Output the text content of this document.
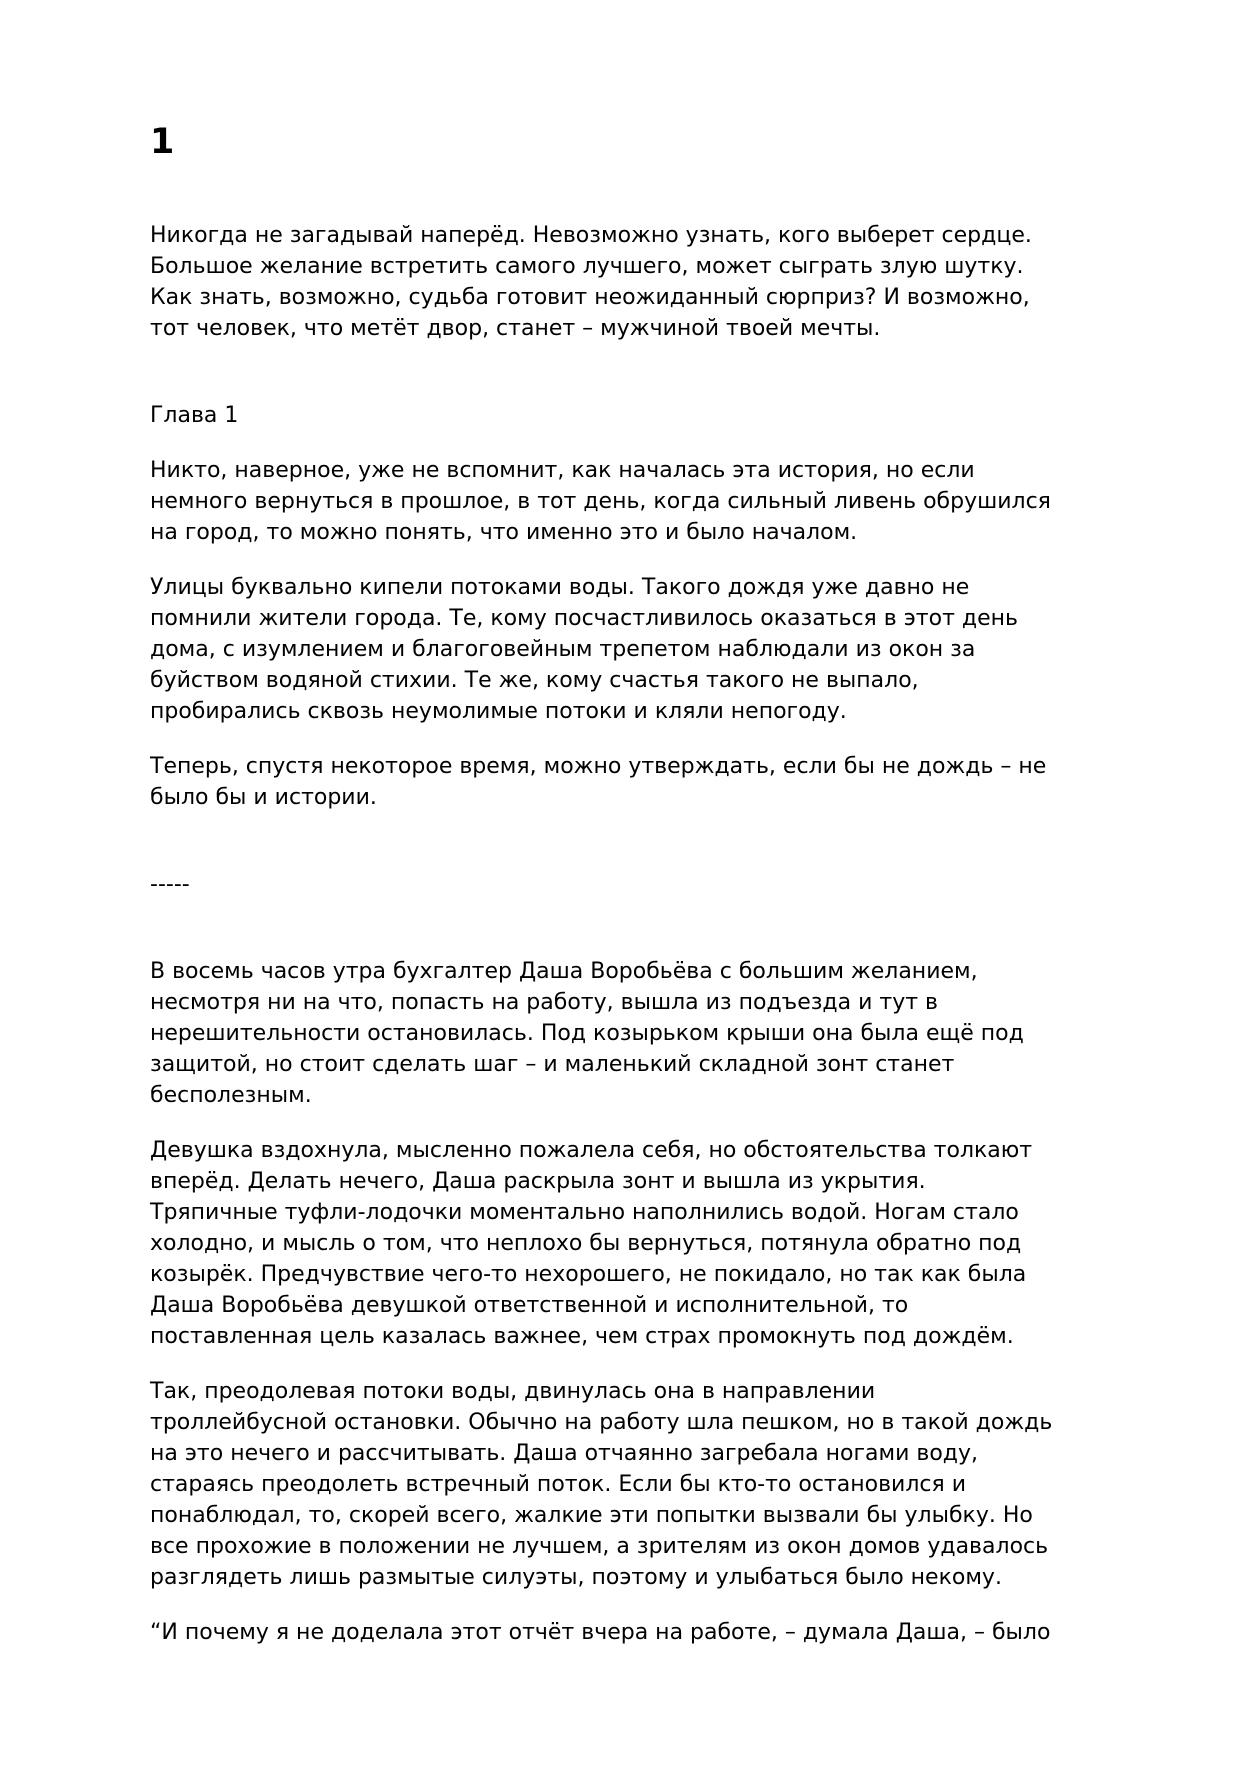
1

Никогда не загадывай наперёд. Невозможно узнать, кого выберет сердце.
Большое желание встретить самого лучшего, может сыграть злую шутку.
Как знать, возможно, судьба готовит неожиданный сюрприз? И возможно,
тот человек, что метёт двор, станет – мужчиной твоей мечты.

Глава 1

Никто, наверное, уже не вспомнит, как началась эта история, но если
немного вернуться в прошлое, в тот день, когда сильный ливень обрушился
на город, то можно понять, что именно это и было началом.

Улицы буквально кипели потоками воды. Такого дождя уже давно не
помнили жители города. Те, кому посчастливилось оказаться в этот день
дома, с изумлением и благоговейным трепетом наблюдали из окон за
буйством водяной стихии. Те же, кому счастья такого не выпало,
пробирались сквозь неумолимые потоки и кляли непогоду.

Теперь, спустя некоторое время, можно утверждать, если бы не дождь – не
было бы и истории.

-----

В восемь часов утра бухгалтер Даша Воробьёва с большим желанием,
несмотря ни на что, попасть на работу, вышла из подъезда и тут в
нерешительности остановилась. Под козырьком крыши она была ещё под
защитой, но стоит сделать шаг – и маленький складной зонт станет
бесполезным.

Девушка вздохнула, мысленно пожалела себя, но обстоятельства толкают
вперёд. Делать нечего, Даша раскрыла зонт и вышла из укрытия.
Тряпичные туфли-лодочки моментально наполнились водой. Ногам стало
холодно, и мысль о том, что неплохо бы вернуться, потянула обратно под
козырёк. Предчувствие чего-то нехорошего, не покидало, но так как была
Даша Воробьёва девушкой ответственной и исполнительной, то
поставленная цель казалась важнее, чем страх промокнуть под дождём.

Так, преодолевая потоки воды, двинулась она в направлении
троллейбусной остановки. Обычно на работу шла пешком, но в такой дождь
на это нечего и рассчитывать. Даша отчаянно загребала ногами воду,
стараясь преодолеть встречный поток. Если бы кто-то остановился и
понаблюдал, то, скорей всего, жалкие эти попытки вызвали бы улыбку. Но
все прохожие в положении не лучшем, а зрителям из окон домов удавалось
разглядеть лишь размытые силуэты, поэтому и улыбаться было некому.

“И почему я не доделала этот отчёт вчера на работе, – думала Даша, – было
